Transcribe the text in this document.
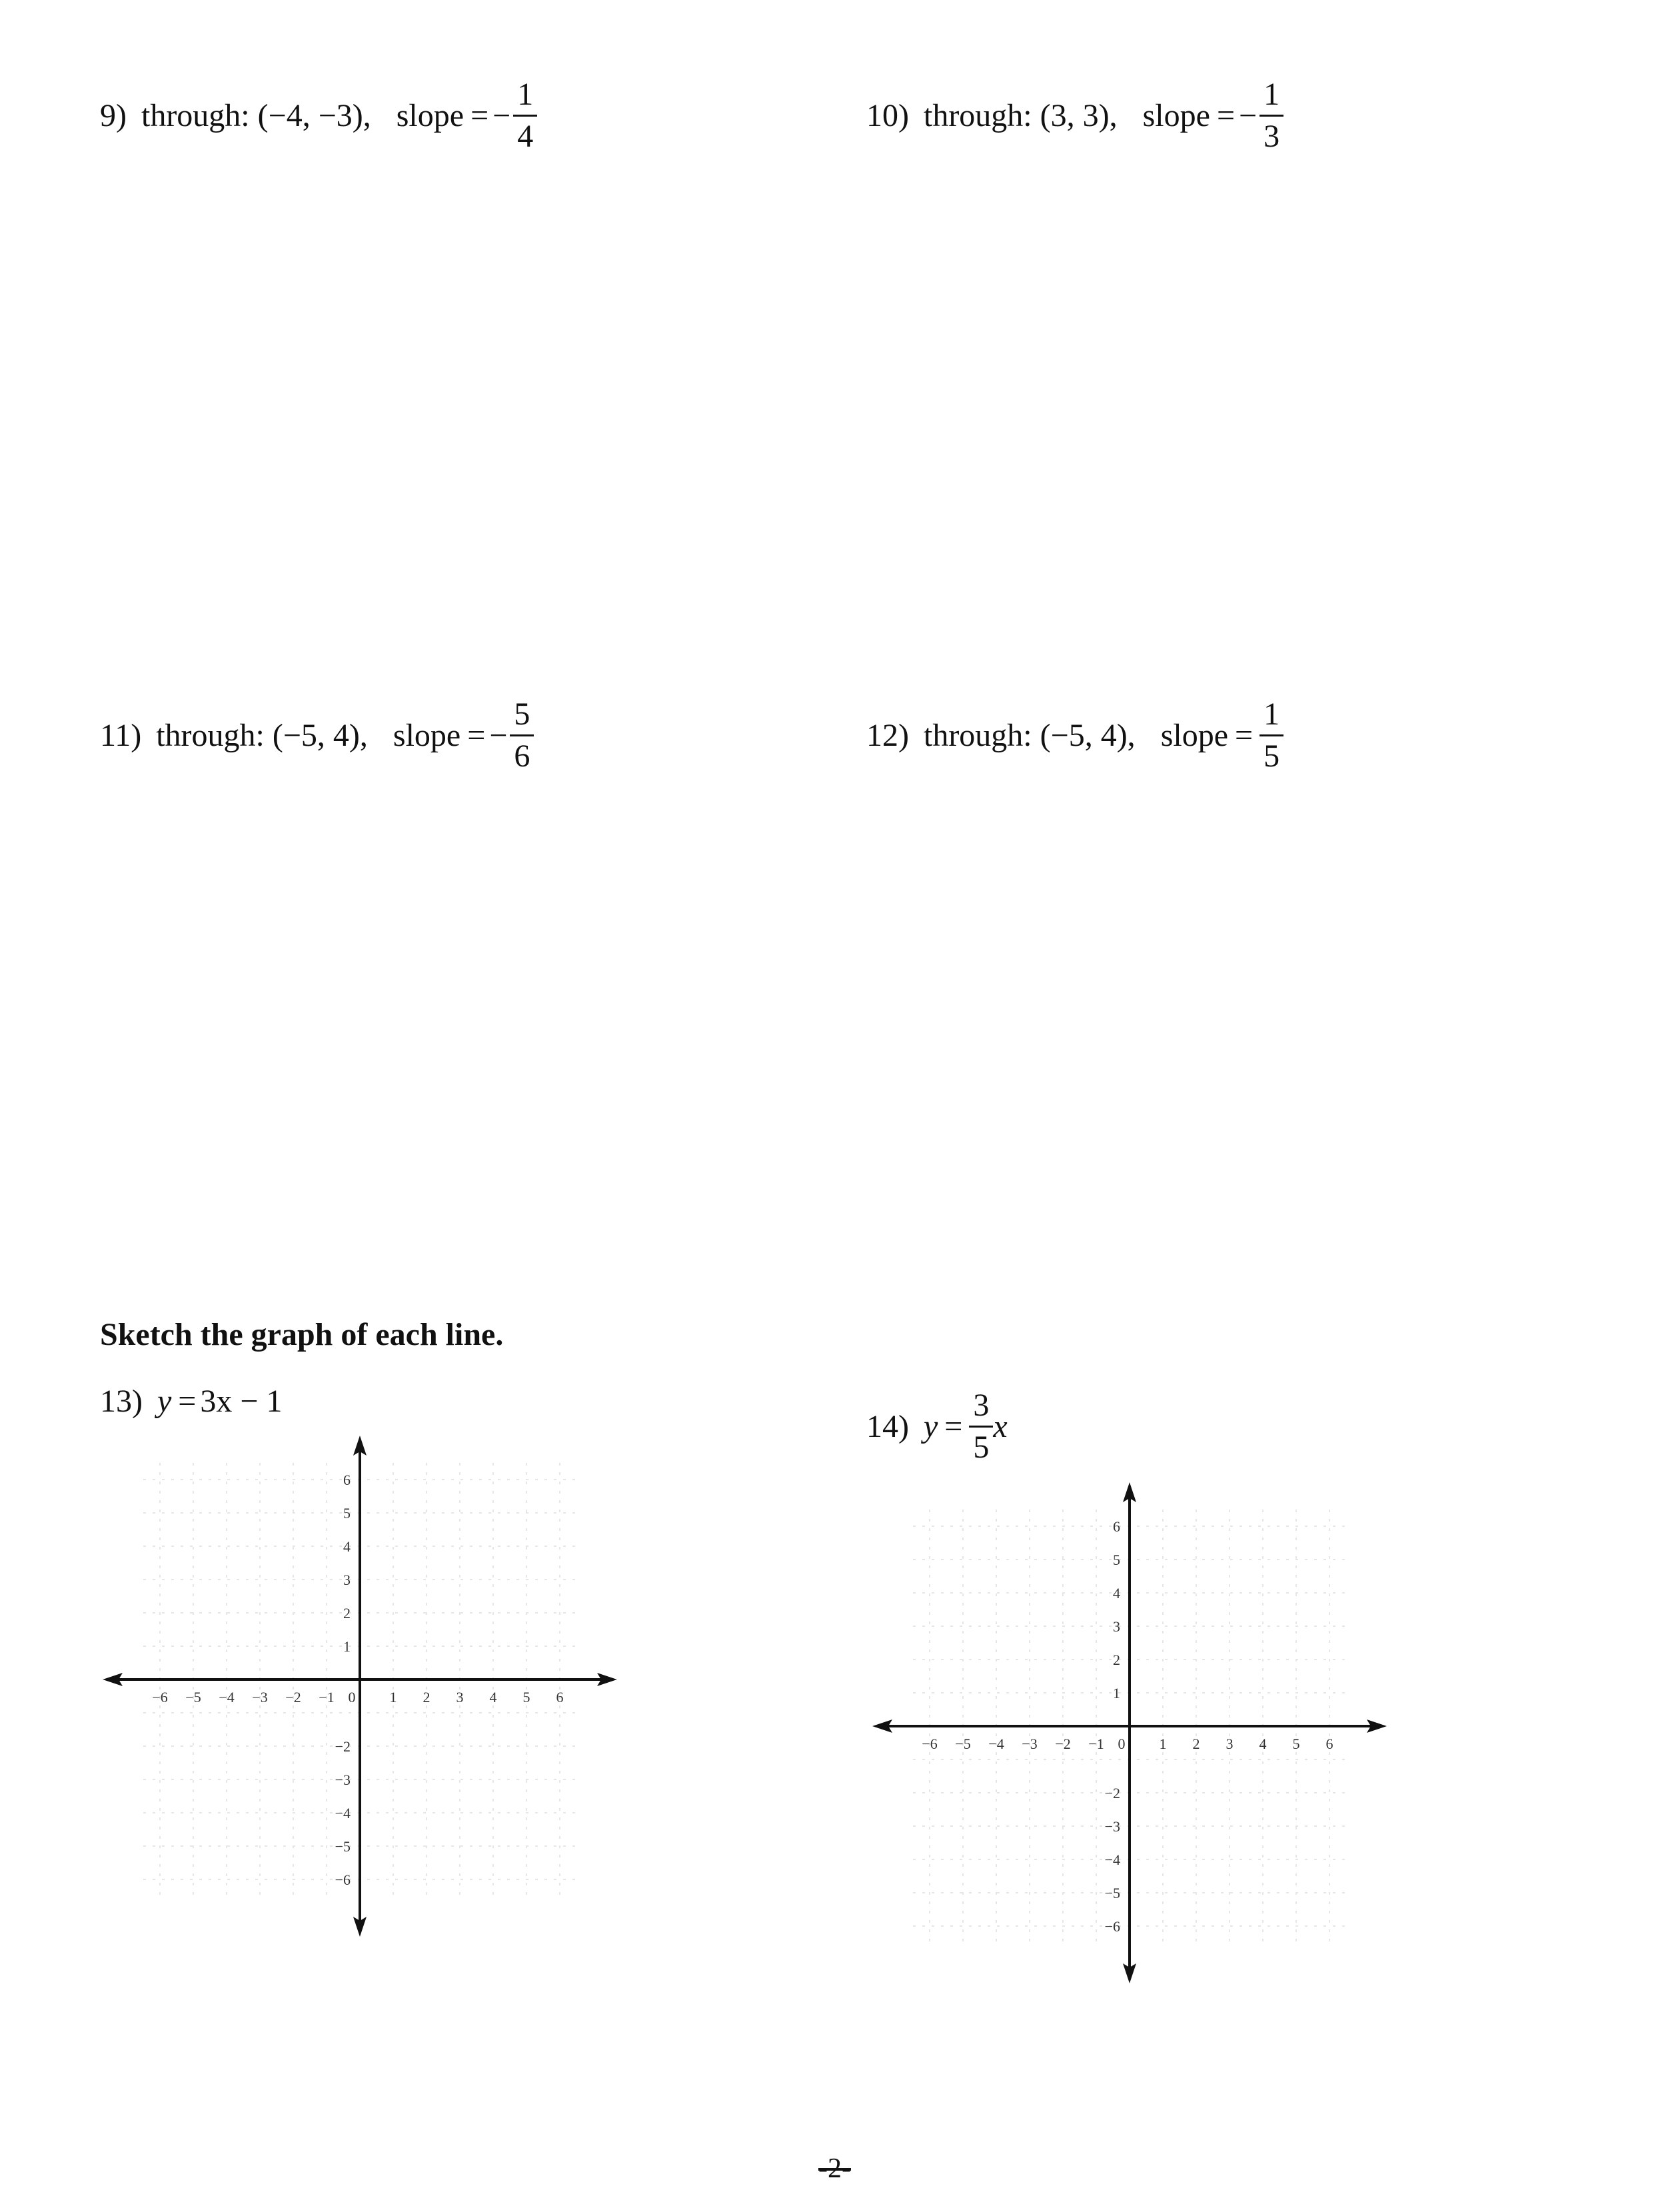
9) through:
(−4, −3), slope = − $\frac{1}{4}$	10) through:
(3, 3), slope = − $\frac{1}{3}$
11) through:
(−5, 4), slope = − $\frac{5}{6}$	12) through:
(−5, 4), slope = $\frac{1}{5}$
Sketch the graph of each line.
13) y = 3x − 1
14) $y = \frac{3}{5}$ x
−6 −5 −4 −3 −2 −1 0 1 2 3 4 5 6
6
5
4
3
2
1
−2
−3
−4
−5
−6
−6 −5 −4 −3 −2 −1 0 1 2 3 4 5 6
6
5
4
3
2
1
−2
−3
−4
−5
−6
-2-
